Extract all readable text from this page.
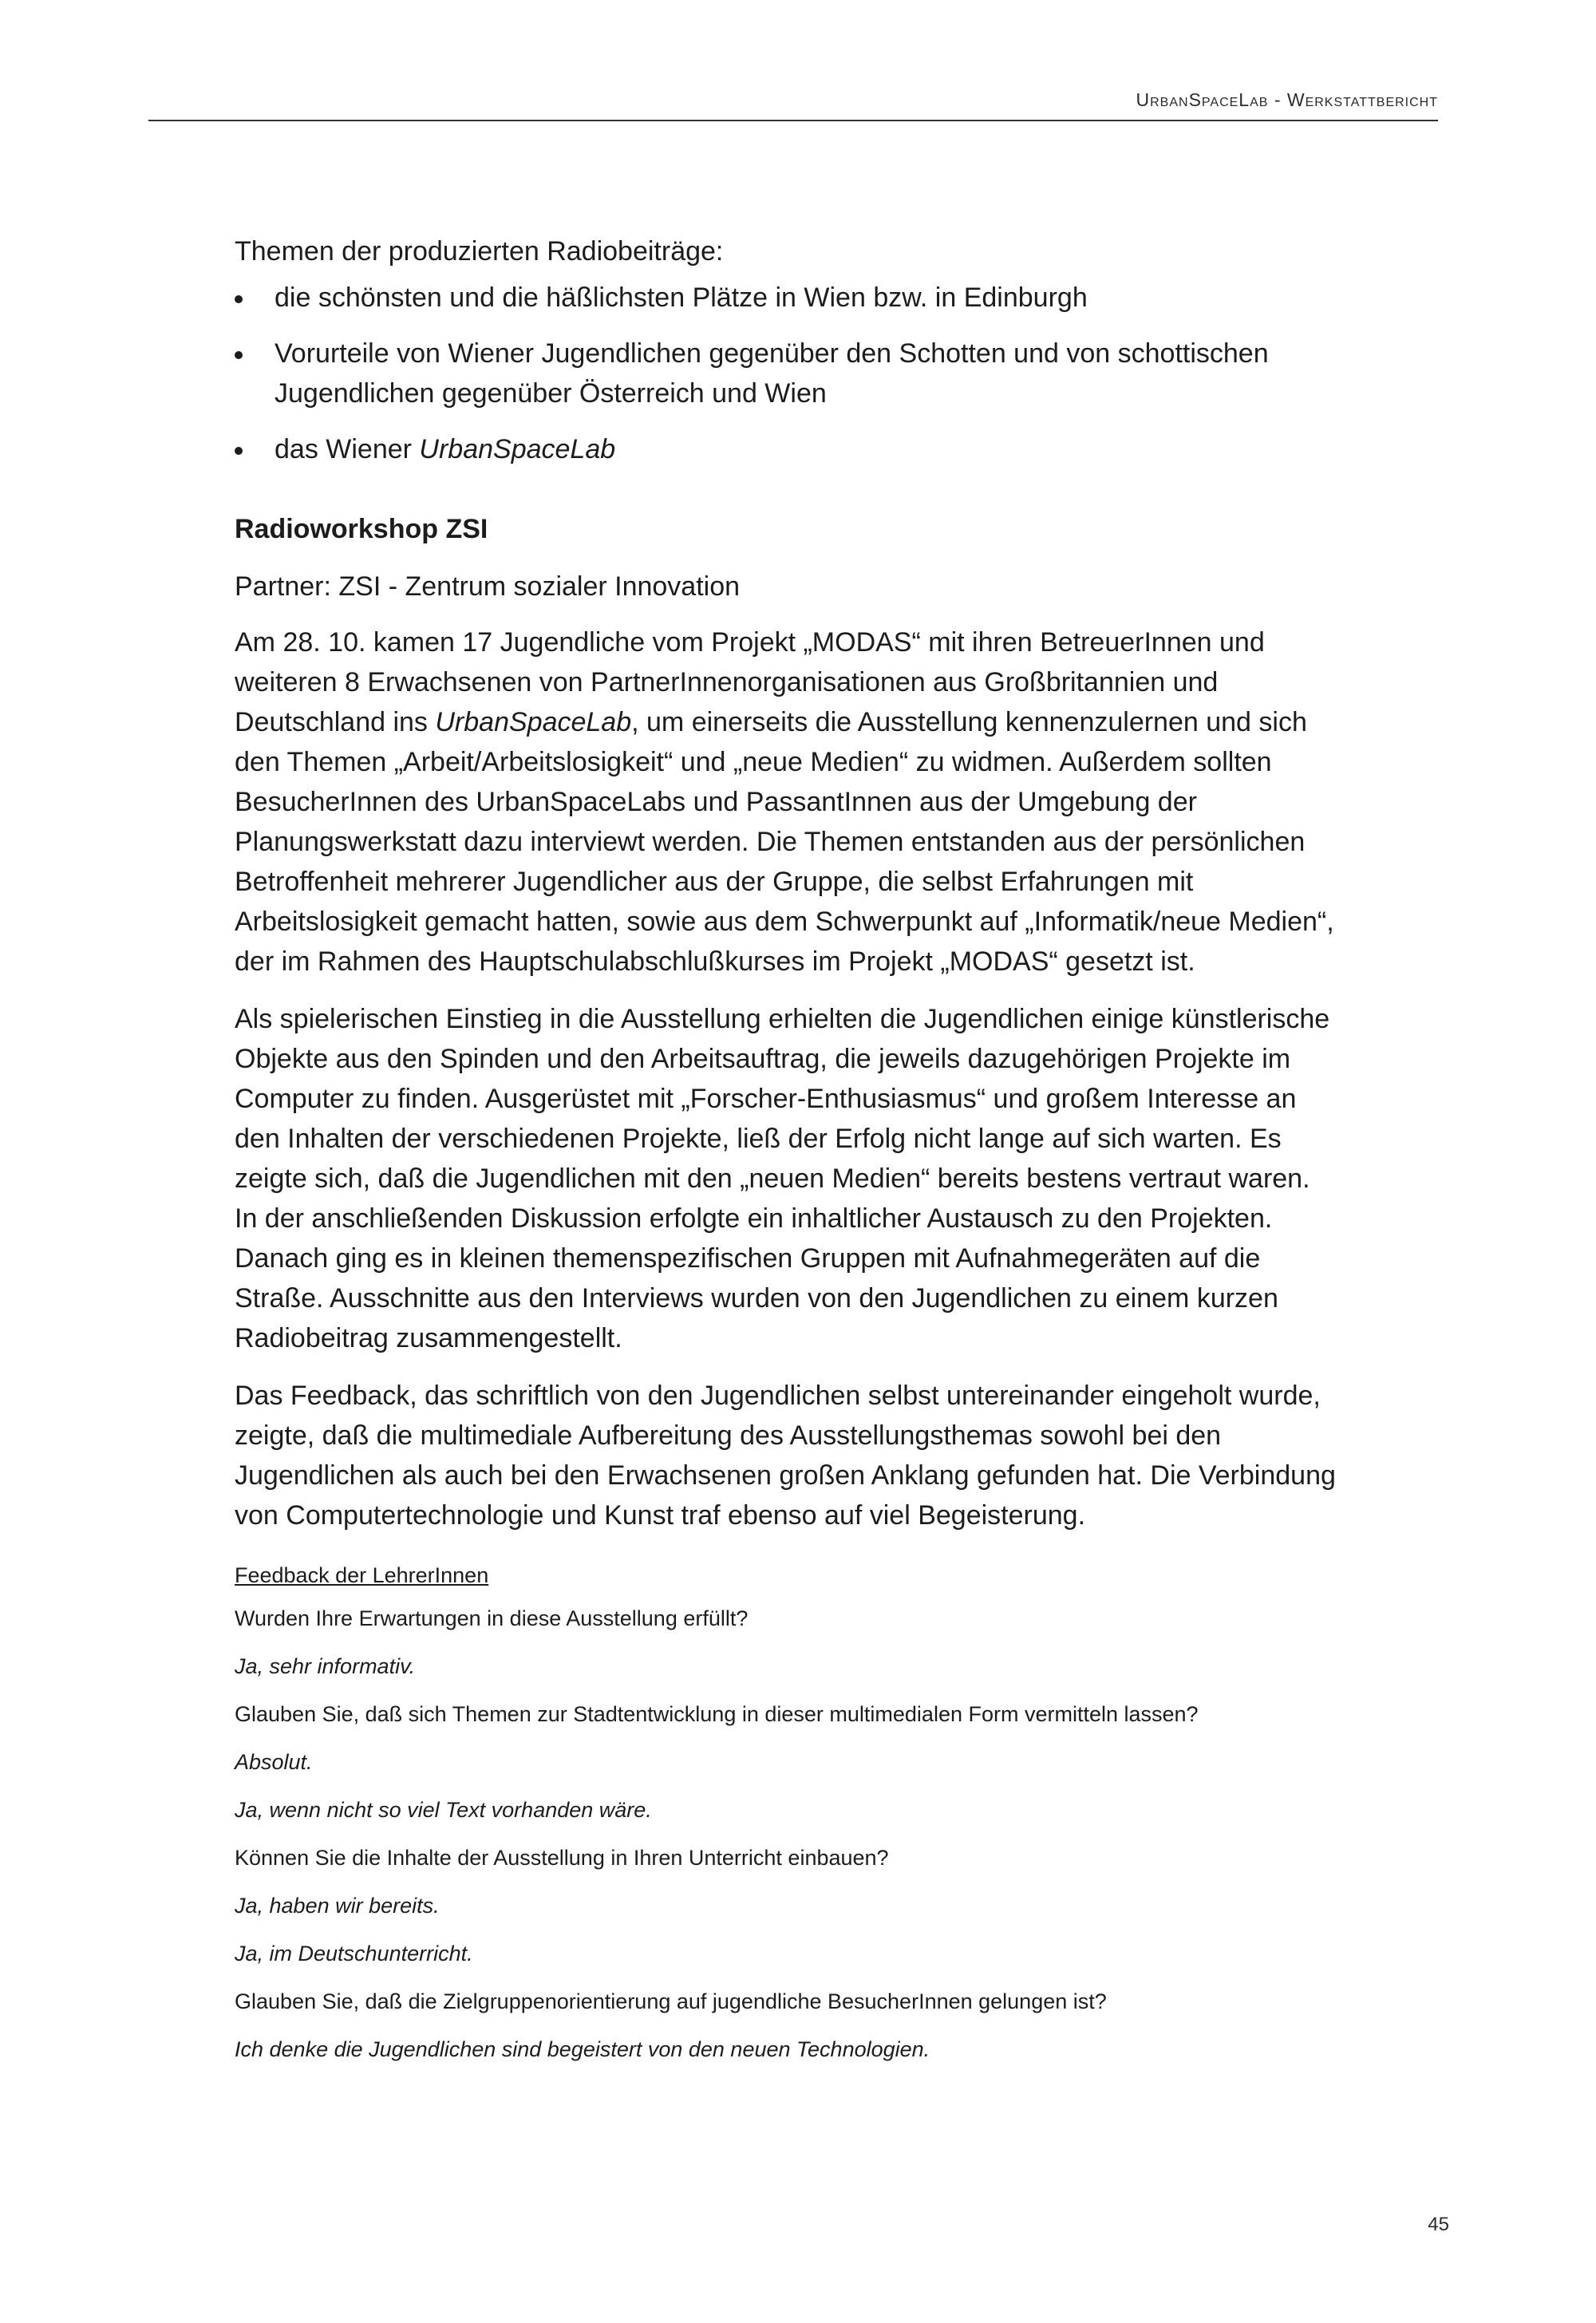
UrbanSpaceLab - Werkstattbericht

Themen der produzierten Radiobeiträge:

die schönsten und die häßlichsten Plätze in Wien bzw. in Edinburgh
Vorurteile von Wiener Jugendlichen gegenüber den Schotten und von schottischen Jugendlichen gegenüber Österreich und Wien
das Wiener UrbanSpaceLab
Radioworkshop ZSI

Partner: ZSI - Zentrum sozialer Innovation

Am 28. 10. kamen 17 Jugendliche vom Projekt „MODAS“ mit ihren BetreuerInnen und weiteren 8 Erwachsenen von PartnerInnenorganisationen aus Großbritannien und Deutschland ins UrbanSpaceLab, um einerseits die Ausstellung kennenzulernen und sich den Themen „Arbeit/Arbeitslosigkeit“ und „neue Medien“ zu widmen. Außerdem sollten BesucherInnen des UrbanSpaceLabs und PassantInnen aus der Umgebung der Planungswerkstatt dazu interviewt werden. Die Themen entstanden aus der persönlichen Betroffenheit mehrerer Jugendlicher aus der Gruppe, die selbst Erfahrungen mit Arbeitslosigkeit gemacht hatten, sowie aus dem Schwerpunkt auf „Informatik/neue Medien“, der im Rahmen des Hauptschulabschlußkurses im Projekt „MODAS“ gesetzt ist.

Als spielerischen Einstieg in die Ausstellung erhielten die Jugendlichen einige künstlerische Objekte aus den Spinden und den Arbeitsauftrag, die jeweils dazugehörigen Projekte im Computer zu finden. Ausgerüstet mit „Forscher-Enthusiasmus“ und großem Interesse an den Inhalten der verschiedenen Projekte, ließ der Erfolg nicht lange auf sich warten. Es zeigte sich, daß die Jugendlichen mit den „neuen Medien“ bereits bestens vertraut waren. In der anschließenden Diskussion erfolgte ein inhaltlicher Austausch zu den Projekten. Danach ging es in kleinen themenspezifischen Gruppen mit Aufnahmegeräten auf die Straße. Ausschnitte aus den Interviews wurden von den Jugendlichen zu einem kurzen Radiobeitrag zusammengestellt.

Das Feedback, das schriftlich von den Jugendlichen selbst untereinander eingeholt wurde, zeigte, daß die multimediale Aufbereitung des Ausstellungsthemas sowohl bei den Jugendlichen als auch bei den Erwachsenen großen Anklang gefunden hat. Die Verbindung von Computertechnologie und Kunst traf ebenso auf viel Begeisterung.

Feedback der LehrerInnen

Wurden Ihre Erwartungen in diese Ausstellung erfüllt?

Ja, sehr informativ.

Glauben Sie, daß sich Themen zur Stadtentwicklung in dieser multimedialen Form vermitteln lassen?

Absolut.

Ja, wenn nicht so viel Text vorhanden wäre.

Können Sie die Inhalte der Ausstellung in Ihren Unterricht einbauen?

Ja, haben wir bereits.

Ja, im Deutschunterricht.

Glauben Sie, daß die Zielgruppenorientierung auf jugendliche BesucherInnen gelungen ist?

Ich denke die Jugendlichen sind begeistert von den neuen Technologien.

45
